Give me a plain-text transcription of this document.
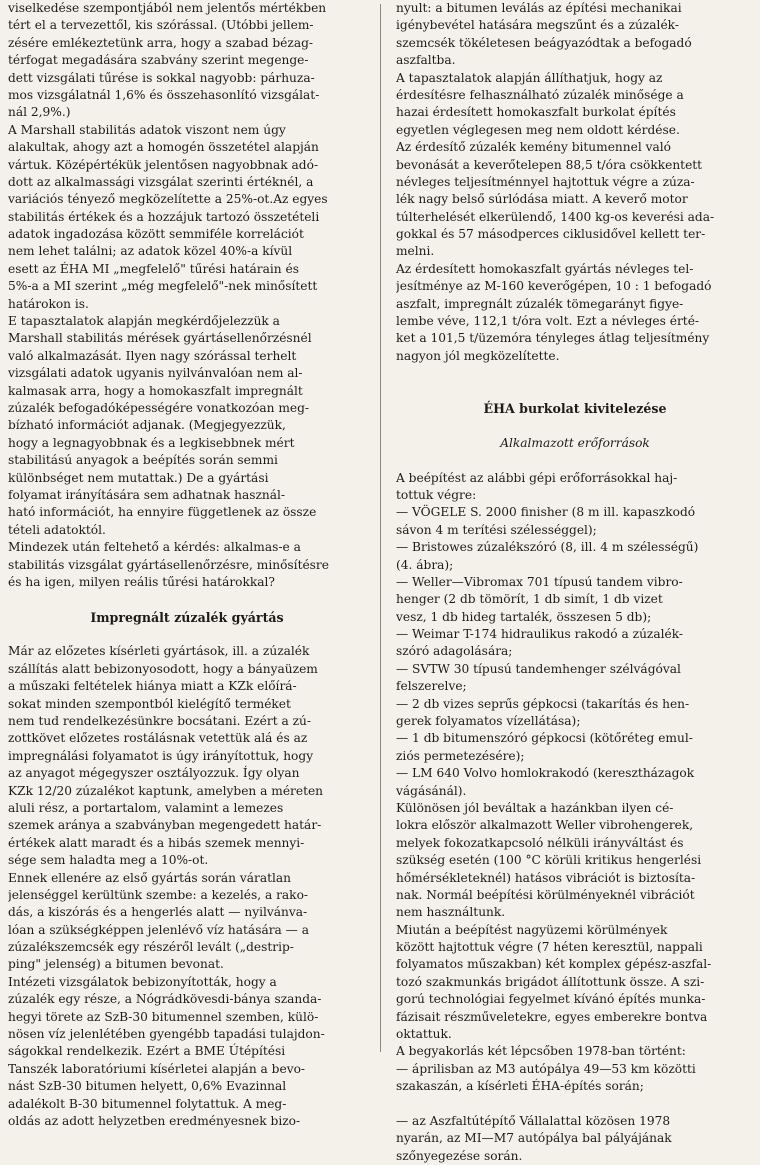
viselkedése szempontjából nem jelentős mértékben
tért el a tervezettől, kis szórással. (Utóbbi jellem-
zésére emlékeztetünk arra, hogy a szabad bézag-
térfogat megadására szabvány szerint megenge-
dett vizsgálati tűrése is sokkal nagyobb: párhuza-
mos vizsgálatnál 1,6% és összehasonlító vizsgálat-
nál 2,9%.)
A Marshall stabilitás adatok viszont nem úgy
alakultak, ahogy azt a homogén összetétel alapján
vártuk. Középértékük jelentősen nagyobbnak adó-
dott az alkalmassági vizsgálat szerinti értéknél, a
variációs tényező megközelítette a 25%-ot.Az egyes
stabilitás értékek és a hozzájuk tartozó összetételi
adatok ingadozása között semmiféle korrelációt
nem lehet találni; az adatok közel 40%-a kívül
esett az ÉHA MI „megfelelő" tűrési határain és
5%-a a MI szerint „még megfelelő"-nek minősített
határokon is.
E tapasztalatok alapján megkérdőjelezzük a
Marshall stabilitás mérések gyártásellenőrzésnél
való alkalmazását. Ilyen nagy szórással terhelt
vizsgálati adatok ugyanis nyilvánvalóan nem al-
kalmasak arra, hogy a homokaszfalt impregnált
zúzalék befogadóképességére vonatkozóan meg-
bízható információt adjanak. (Megjegyezzük,
hogy a legnagyobbnak és a legkisebbnek mért
stabilitású anyagok a beépítés során semmi
különbséget nem mutattak.) De a gyártási
folyamat irányítására sem adhatnak használ-
ható információt, ha ennyire függetlenek az össze
tételi adatoktól.
Mindezek után feltehető a kérdés: alkalmas-e a
stabilitás vizsgálat gyártásellenőrzésre, minősítésre
és ha igen, milyen reális tűrési határokkal?
Impregnált zúzalék gyártás
Már az előzetes kísérleti gyártások, ill. a zúzalék
szállítás alatt bebizonyosodott, hogy a bányaüzem
a műszaki feltételek hiánya miatt a KZk előírá-
sokat minden szempontból kielégítő terméket
nem tud rendelkezésünkre bocsátani. Ezért a zú-
zottkövet előzetes rostálásnak vetettük alá és az
impregnálási folyamatot is úgy irányítottuk, hogy
az anyagot mégegyszer osztályozzuk. Így olyan
KZk 12/20 zúzalékot kaptunk, amelyben a méreten
aluli rész, a portartalom, valamint a lemezes
szemek aránya a szabványban megengedett határ-
értékek alatt maradt és a hibás szemek mennyi-
sége sem haladta meg a 10%-ot.
Ennek ellenére az első gyártás során váratlan
jelenséggel kerültünk szembe: a kezelés, a rako-
dás, a kiszórás és a hengerlés alatt — nyilvánva-
lóan a szükségképpen jelenlévő víz hatására — a
zúzalékszemcsék egy részéről levált („destrip-
ping" jelenség) a bitumen bevonat.
Intézeti vizsgálatok bebizonyították, hogy a
zúzalék egy része, a Nógrádkövesdi-bánya szanda-
hegyi törete az SzB-30 bitumennel szemben, külö-
nösen víz jelenlétében gyengébb tapadási tulajdon-
ságokkal rendelkezik. Ezért a BME Útépítési
Tanszék laboratóriumi kísérletei alapján a bevo-
nást SzB-30 bitumen helyett, 0,6% Evazinnal
adalékolt B-30 bitumennel folytattuk. A meg-
oldás az adott helyzetben eredményesnek bizo-
nyult: a bitumen leválás az építési mechanikai
igénybevétel hatására megszűnt és a zúzalék-
szemcsék tökéletesen beágyazódtak a befogadó
aszfaltba.
A tapasztalatok alapján állíthatjuk, hogy az
érdesítésre felhasználható zúzalék minősége a
hazai érdesített homokaszfalt burkolat építés
egyetlen véglegesen meg nem oldott kérdése.
Az érdesítő zúzalék kemény bitumennel való
bevonását a keverőtelepen 88,5 t/óra csökkentett
névleges teljesítménnyel hajtottuk végre a zúza-
lék nagy belső súrlódása miatt. A keverő motor
túlterhelését elkerülendő, 1400 kg-os keverési ada-
gokkal és 57 másodperces ciklusidővel kellett ter-
melni.
Az érdesített homokaszfalt gyártás névleges tel-
jesítménye az M-160 keverőgépen, 10 : 1 befogadó
aszfalt, impregnált zúzalék tömegarányt figye-
lembe véve, 112,1 t/óra volt. Ezt a névleges érté-
ket a 101,5 t/üzemóra tényleges átlag teljesítmény
nagyon jól megközelítette.
ÉHA burkolat kivitelezése
Alkalmazott erőforrások
A beépítést az alábbi gépi erőforrásokkal haj-
tottuk végre:
— VÖGELE S. 2000 finisher (8 m ill. kapaszkodó
sávon 4 m terítési szélességgel);
— Bristowes zúzalékszóró (8, ill. 4 m szélességű)
(4. ábra);
— Weller—Vibromax 701 típusú tandem vibro-
henger (2 db tömörít, 1 db simít, 1 db vizet
vesz, 1 db hideg tartalék, összesen 5 db);
— Weimar T-174 hidraulikus rakodó a zúzalék-
szóró adagolására;
— SVTW 30 típusú tandemhenger szélvágóval
felszerelve;
— 2 db vizes seprűs gépkocsi (takarítás és hen-
gerek folyamatos vízellátása);
— 1 db bitumenszóró gépkocsi (kötőréteg emul-
ziós permetezésére);
— LM 640 Volvo homlokrakodó (keresztházagok
vágásánál).
Különösen jól beváltak a hazánkban ilyen cé-
lokra először alkalmazott Weller vibrohengerek,
melyek fokozatkapcsoló nélküli irányváltást és
szükség esetén (100 °C körüli kritikus hengerlési
hőmérsékleteknél) hatásos vibrációt is biztosíta-
nak. Normál beépítési körülményeknél vibrációt
nem használtunk.
Miután a beépítést nagyüzemi körülmények
között hajtottuk végre (7 héten keresztül, nappali
folyamatos műszakban) két komplex gépész-aszfal-
tozó szakmunkás brigádot állítottunk össze. A szi-
gorú technológiai fegyelmet kívánó építés munka-
fázisait részműveletekre, egyes emberekre bontva
oktattuk.
A begyakorlás két lépcsőben 1978-ban történt:
— áprilisban az M3 autópálya 49—53 km közötti
szakaszán, a kísérleti ÉHA-építés során;
— az Aszfaltútépítő Vállalattal közösen 1978
nyarán, az MI—M7 autópálya bal pályájának
szőnyegezése során.
